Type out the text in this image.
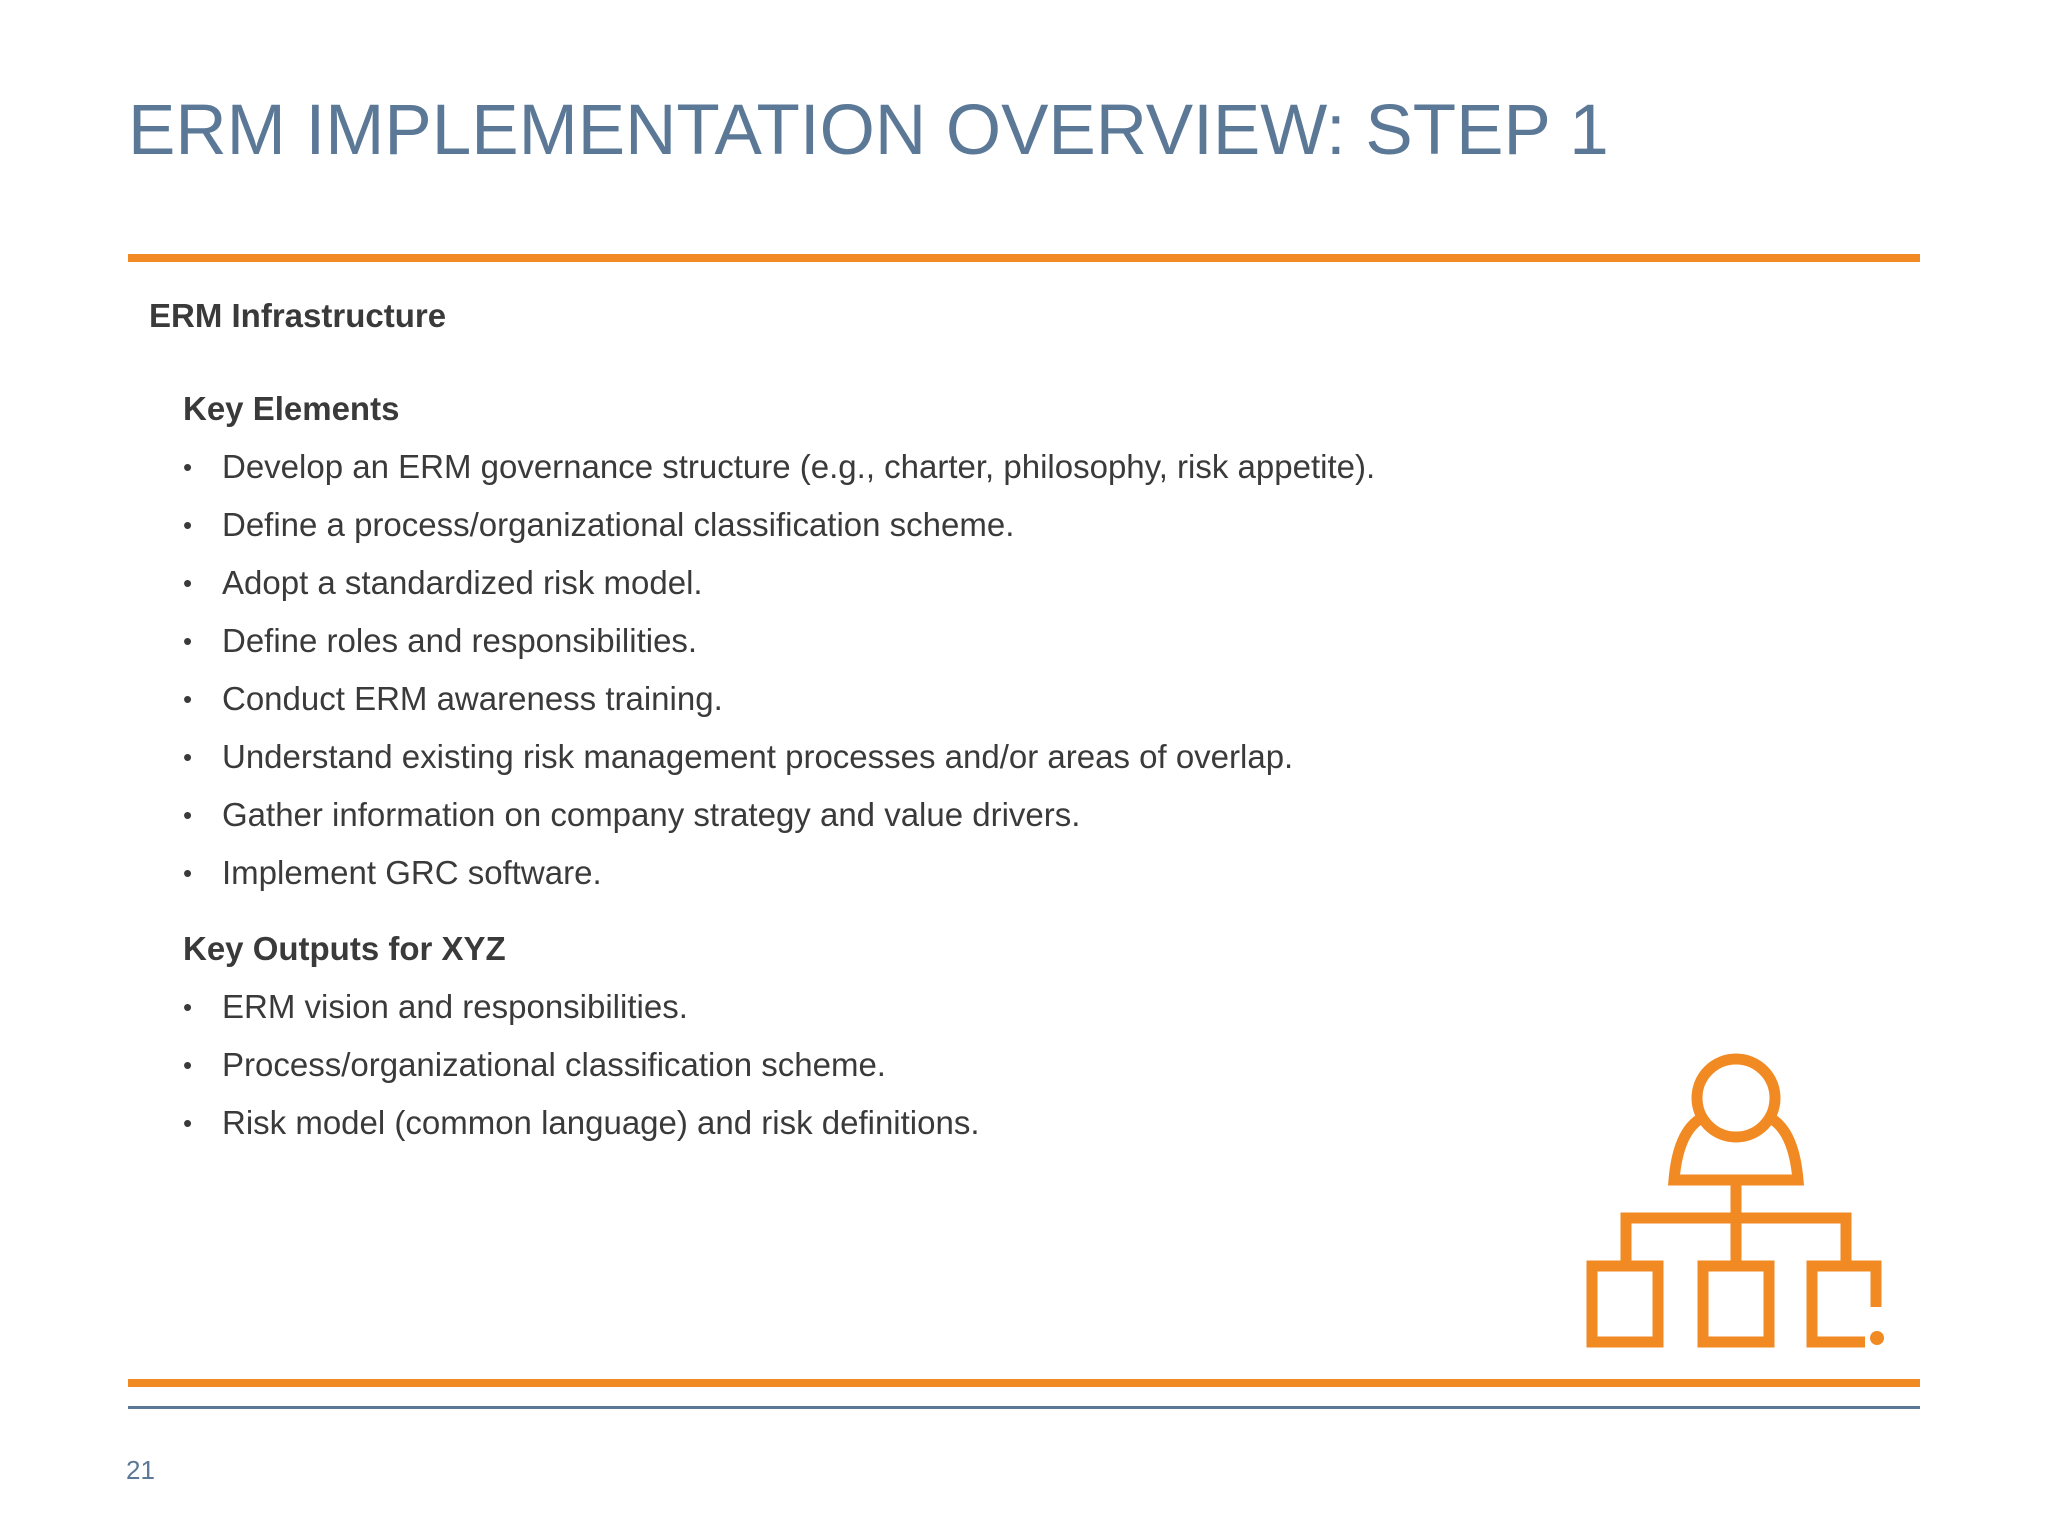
ERM IMPLEMENTATION OVERVIEW: STEP 1
ERM Infrastructure
Key Elements
• Develop an ERM governance structure (e.g., charter, philosophy, risk appetite).
• Define a process/organizational classification scheme.
• Adopt a standardized risk model.
• Define roles and responsibilities.
• Conduct ERM awareness training.
• Understand existing risk management processes and/or areas of overlap.
• Gather information on company strategy and value drivers.
• Implement GRC software.
Key Outputs for XYZ
• ERM vision and responsibilities.
• Process/organizational classification scheme.
• Risk model (common language) and risk definitions.
21
